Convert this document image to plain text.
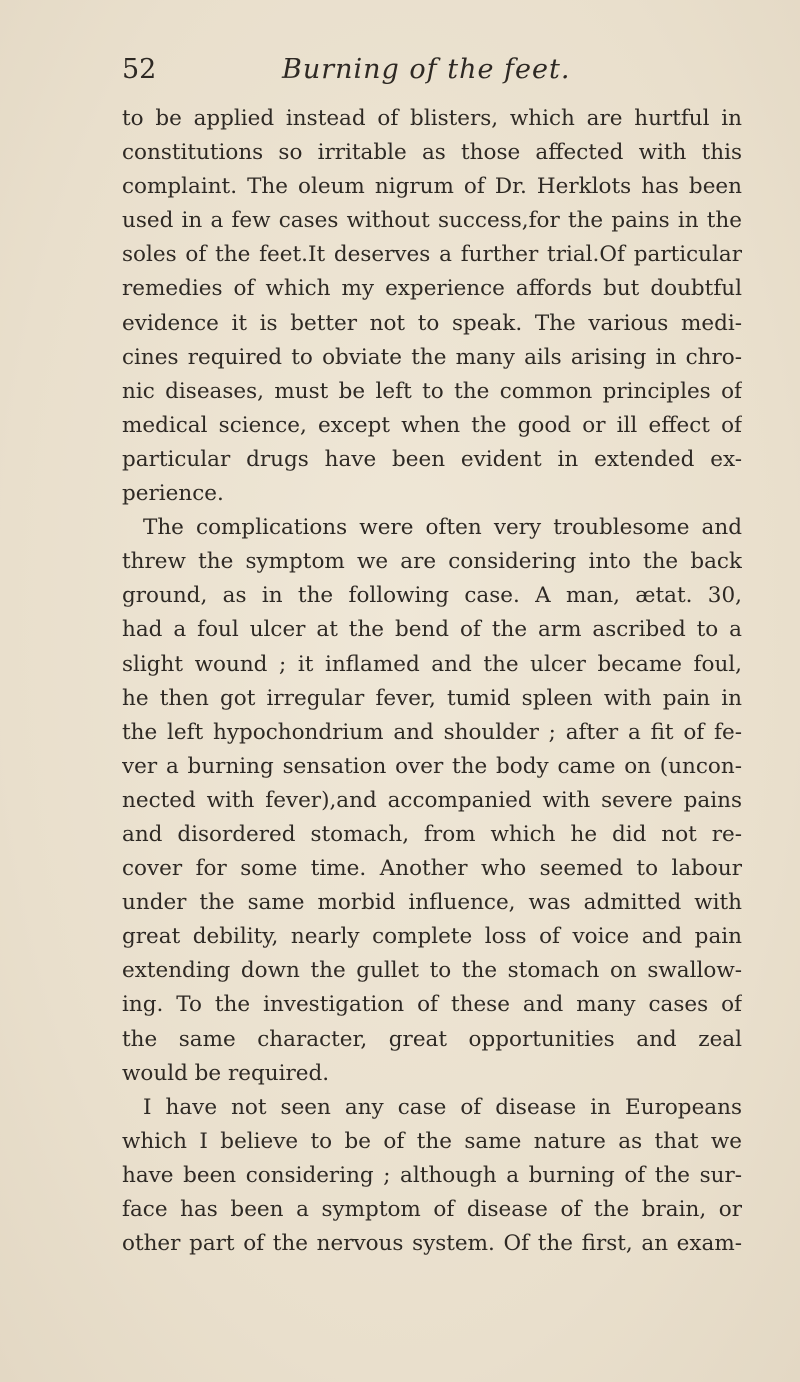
52	Burning of the feet.
to be applied instead of blisters, which are hurtful in
constitutions so irritable as those affected with this
complaint. The oleum nigrum of Dr. Herklots has been
used in a few cases without success,for the pains in the
soles of the feet.It deserves a further trial.Of particular
remedies of which my experience affords but doubtful
evidence it is better not to speak. The various medi-
cines required to obviate the many ails arising in chro-
nic diseases, must be left to the common principles of
medical science, except when the good or ill effect of
particular drugs have been evident in extended ex-
perience.
The complications were often very troublesome and
threw the symptom we are considering into the back
ground, as in the following case. A man, ætat. 30,
had a foul ulcer at the bend of the arm ascribed to a
slight wound ; it inflamed and the ulcer became foul,
he then got irregular fever, tumid spleen with pain in
the left hypochondrium and shoulder ; after a fit of fe-
ver a burning sensation over the body came on (uncon-
nected with fever),and accompanied with severe pains
and disordered stomach, from which he did not re-
cover for some time. Another who seemed to labour
under the same morbid influence, was admitted with
great debility, nearly complete loss of voice and pain
extending down the gullet to the stomach on swallow-
ing. To the investigation of these and many cases of
the same character, great opportunities and zeal
would be required.
I have not seen any case of disease in Europeans
which I believe to be of the same nature as that we
have been considering ; although a burning of the sur-
face has been a symptom of disease of the brain, or
other part of the nervous system. Of the first, an exam-
